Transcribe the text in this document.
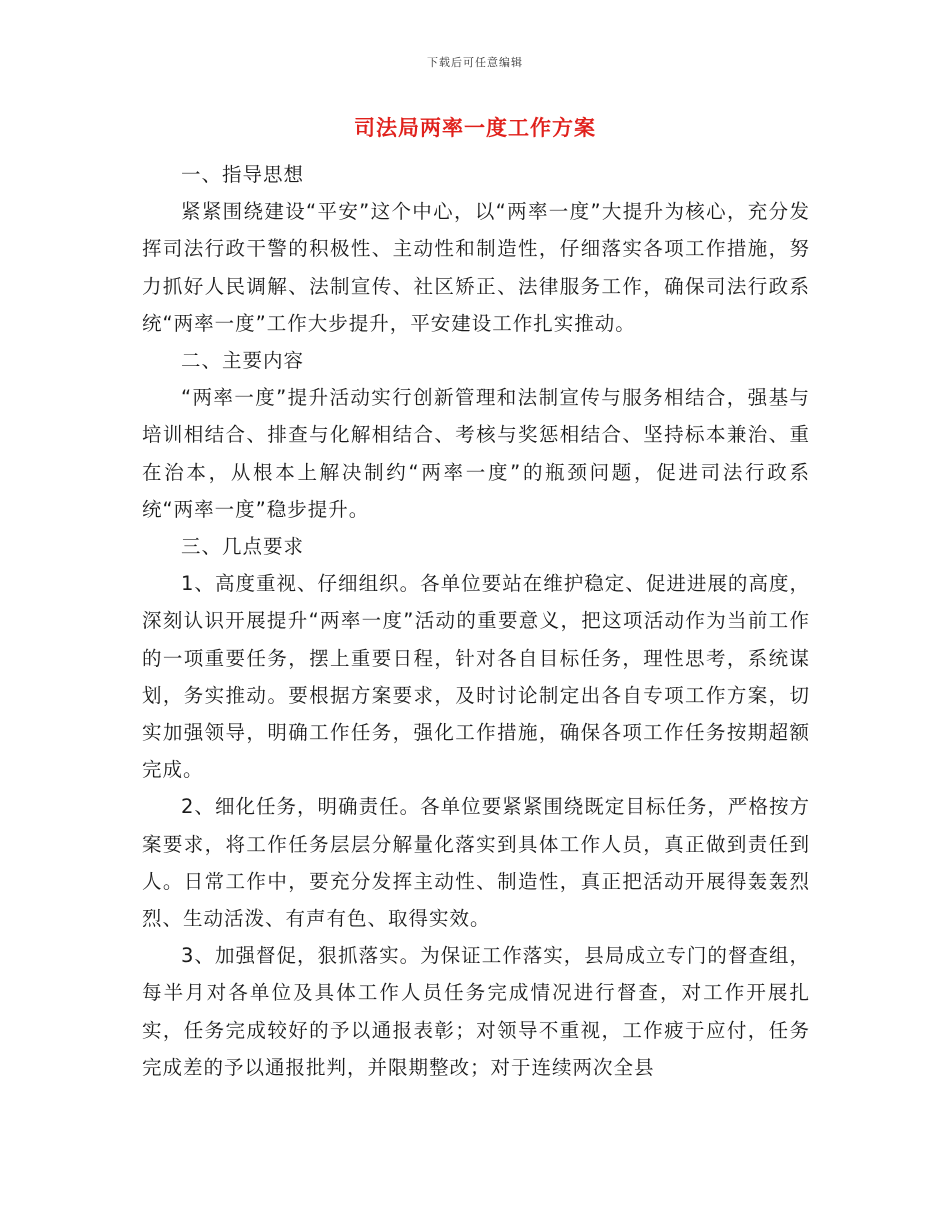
下载后可任意编辑
司法局两率一度工作方案

一、指导思想

紧紧围绕建设“平安”这个中心，以“两率一度”大提升为核心，充分发挥司法行政干警的积极性、主动性和制造性，仔细落实各项工作措施，努力抓好人民调解、法制宣传、社区矫正、法律服务工作，确保司法行政系统“两率一度”工作大步提升，平安建设工作扎实推动。

二、主要内容

“两率一度”提升活动实行创新管理和法制宣传与服务相结合，强基与培训相结合、排查与化解相结合、考核与奖惩相结合、坚持标本兼治、重在治本，从根本上解决制约“两率一度”的瓶颈问题，促进司法行政系统“两率一度”稳步提升。

三、几点要求

1、高度重视、仔细组织。各单位要站在维护稳定、促进进展的高度，深刻认识开展提升“两率一度”活动的重要意义，把这项活动作为当前工作的一项重要任务，摆上重要日程，针对各自目标任务，理性思考，系统谋划，务实推动。要根据方案要求，及时讨论制定出各自专项工作方案，切实加强领导，明确工作任务，强化工作措施，确保各项工作任务按期超额完成。

2、细化任务，明确责任。各单位要紧紧围绕既定目标任务，严格按方案要求，将工作任务层层分解量化落实到具体工作人员，真正做到责任到人。日常工作中，要充分发挥主动性、制造性，真正把活动开展得轰轰烈烈、生动活泼、有声有色、取得实效。

3、加强督促，狠抓落实。为保证工作落实，县局成立专门的督查组，每半月对各单位及具体工作人员任务完成情况进行督查，对工作开展扎实，任务完成较好的予以通报表彰；对领导不重视，工作疲于应付，任务完成差的予以通报批判，并限期整改；对于连续两次全县
